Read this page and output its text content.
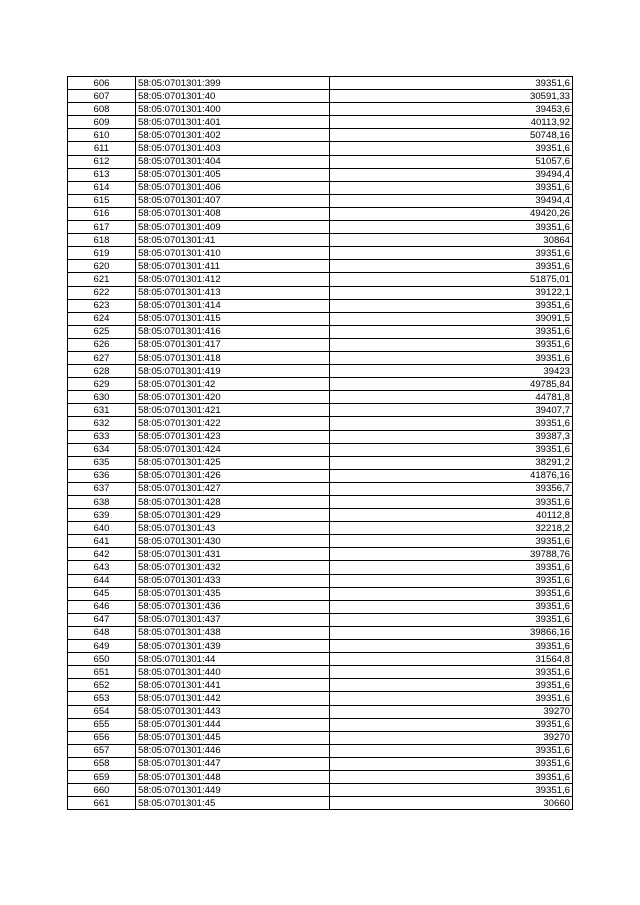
606	58:05:0701301:399	39351,6
607	58:05:0701301:40	30591,33
608	58:05:0701301:400	39453,6
609	58:05:0701301:401	40113,92
610	58:05:0701301:402	50748,16
611	58:05:0701301:403	39351,6
612	58:05:0701301:404	51057,6
613	58:05:0701301:405	39494,4
614	58:05:0701301:406	39351,6
615	58:05:0701301:407	39494,4
616	58:05:0701301:408	49420,26
617	58:05:0701301:409	39351,6
618	58:05:0701301:41	30864
619	58:05:0701301:410	39351,6
620	58:05:0701301:411	39351,6
621	58:05:0701301:412	51875,01
622	58:05:0701301:413	39122,1
623	58:05:0701301:414	39351,6
624	58:05:0701301:415	39091,5
625	58:05:0701301:416	39351,6
626	58:05:0701301:417	39351,6
627	58:05:0701301:418	39351,6
628	58:05:0701301:419	39423
629	58:05:0701301:42	49785,84
630	58:05:0701301:420	44781,8
631	58:05:0701301:421	39407,7
632	58:05:0701301:422	39351,6
633	58:05:0701301:423	39387,3
634	58:05:0701301:424	39351,6
635	58:05:0701301:425	38291,2
636	58:05:0701301:426	41876,16
637	58:05:0701301:427	39356,7
638	58:05:0701301:428	39351,6
639	58:05:0701301:429	40112,8
640	58:05:0701301:43	32218,2
641	58:05:0701301:430	39351,6
642	58:05:0701301:431	39788,76
643	58:05:0701301:432	39351,6
644	58:05:0701301:433	39351,6
645	58:05:0701301:435	39351,6
646	58:05:0701301:436	39351,6
647	58:05:0701301:437	39351,6
648	58:05:0701301:438	39866,16
649	58:05:0701301:439	39351,6
650	58:05:0701301:44	31564,8
651	58:05:0701301:440	39351,6
652	58:05:0701301:441	39351,6
653	58:05:0701301:442	39351,6
654	58:05:0701301:443	39270
655	58:05:0701301:444	39351,6
656	58:05:0701301:445	39270
657	58:05:0701301:446	39351,6
658	58:05:0701301:447	39351,6
659	58:05:0701301:448	39351,6
660	58:05:0701301:449	39351,6
661	58:05:0701301:45	30660
